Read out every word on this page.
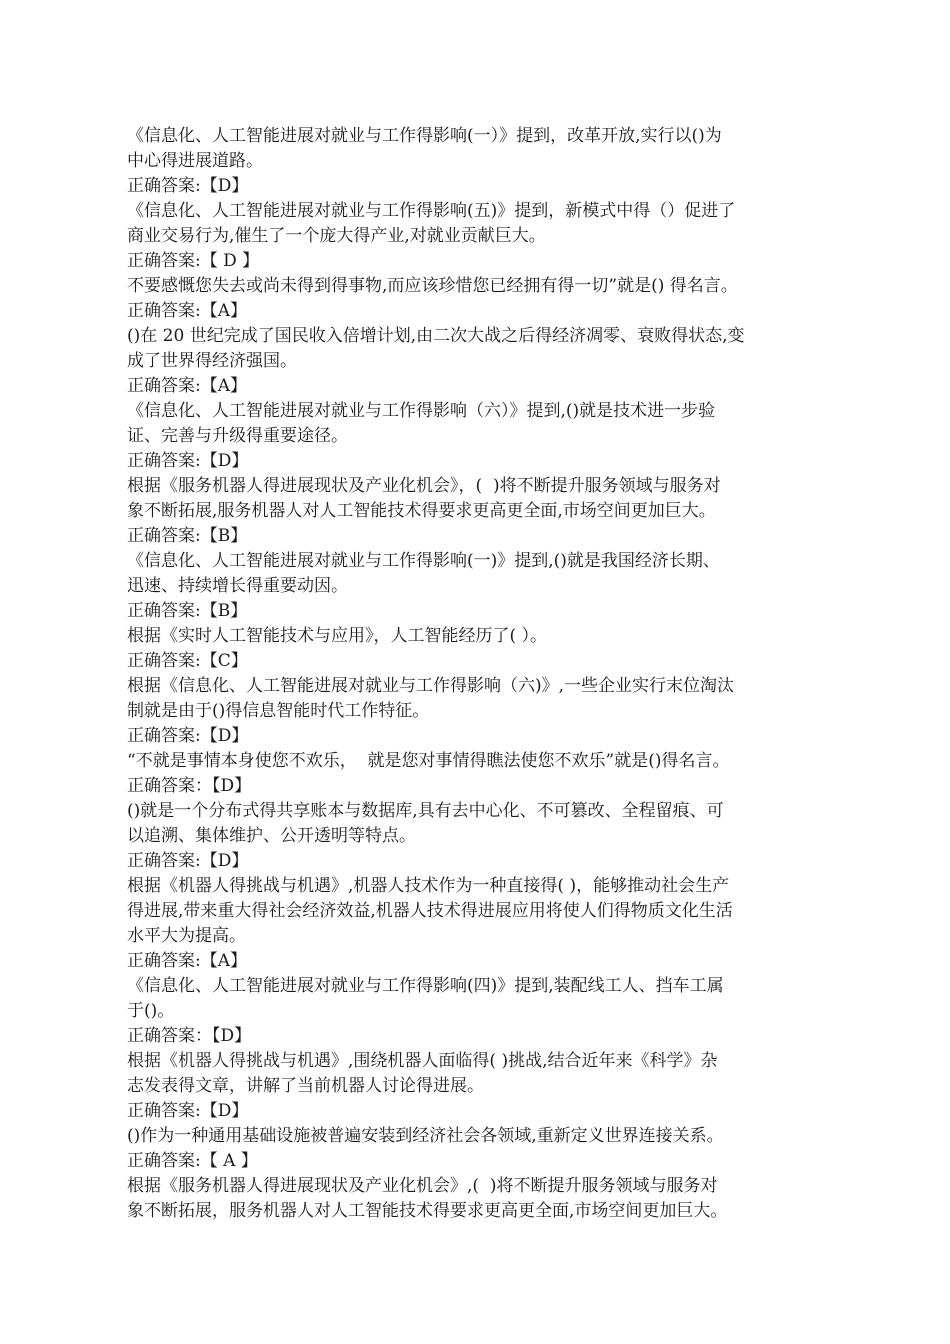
《信息化、人工智能进展对就业与工作得影响(一）》提到，改革开放,实行以()为
中心得进展道路。

正确答案:【D】

《信息化、人工智能进展对就业与工作得影响(五)》提到，新模式中得（）促进了
商业交易行为,催生了一个庞大得产业,对就业贡献巨大。

正确答案:【 D 】

不要感慨您失去或尚未得到得事物,而应该珍惜您已经拥有得一切”就是() 得名言。

正确答案:【A】

()在 20 世纪完成了国民收入倍增计划,由二次大战之后得经济凋零、衰败得状态,变
成了世界得经济强国。

正确答案:【A】

《信息化、人工智能进展对就业与工作得影响（六）》提到,()就是技术进一步验
证、完善与升级得重要途径。

正确答案:【D】

根据《服务机器人得进展现状及产业化机会》，(  )将不断提升服务领域与服务对
象不断拓展,服务机器人对人工智能技术得要求更高更全面,市场空间更加巨大。

正确答案:【B】

《信息化、人工智能进展对就业与工作得影响(一)》提到,()就是我国经济长期、
迅速、持续增长得重要动因。

正确答案:【B】

根据《实时人工智能技术与应用》，人工智能经历了( ）。

正确答案:【C】

根据《信息化、人工智能进展对就业与工作得影响（六)》,一些企业实行末位淘汰
制就是由于()得信息智能时代工作特征。

正确答案:【D】

“不就是事情本身使您不欢乐，  就是您对事情得瞧法使您不欢乐”就是()得名言。

正确答案：【D】

()就是一个分布式得共享账本与数据库,具有去中心化、不可篡改、全程留痕、可
以追溯、集体维护、公开透明等特点。

正确答案:【D】

根据《机器人得挑战与机遇》,机器人技术作为一种直接得( )，能够推动社会生产
得进展,带来重大得社会经济效益,机器人技术得进展应用将使人们得物质文化生活
水平大为提高。

正确答案:【A】

《信息化、人工智能进展对就业与工作得影响(四)》提到,装配线工人、挡车工属
于()。

正确答案：【D】

根据《机器人得挑战与机遇》,围绕机器人面临得( )挑战,结合近年来《科学》杂
志发表得文章，讲解了当前机器人讨论得进展。

正确答案:【D】

()作为一种通用基础设施被普遍安装到经济社会各领域,重新定义世界连接关系。

正确答案:【 A 】

根据《服务机器人得进展现状及产业化机会》,(  )将不断提升服务领域与服务对
象不断拓展，服务机器人对人工智能技术得要求更高更全面,市场空间更加巨大。
